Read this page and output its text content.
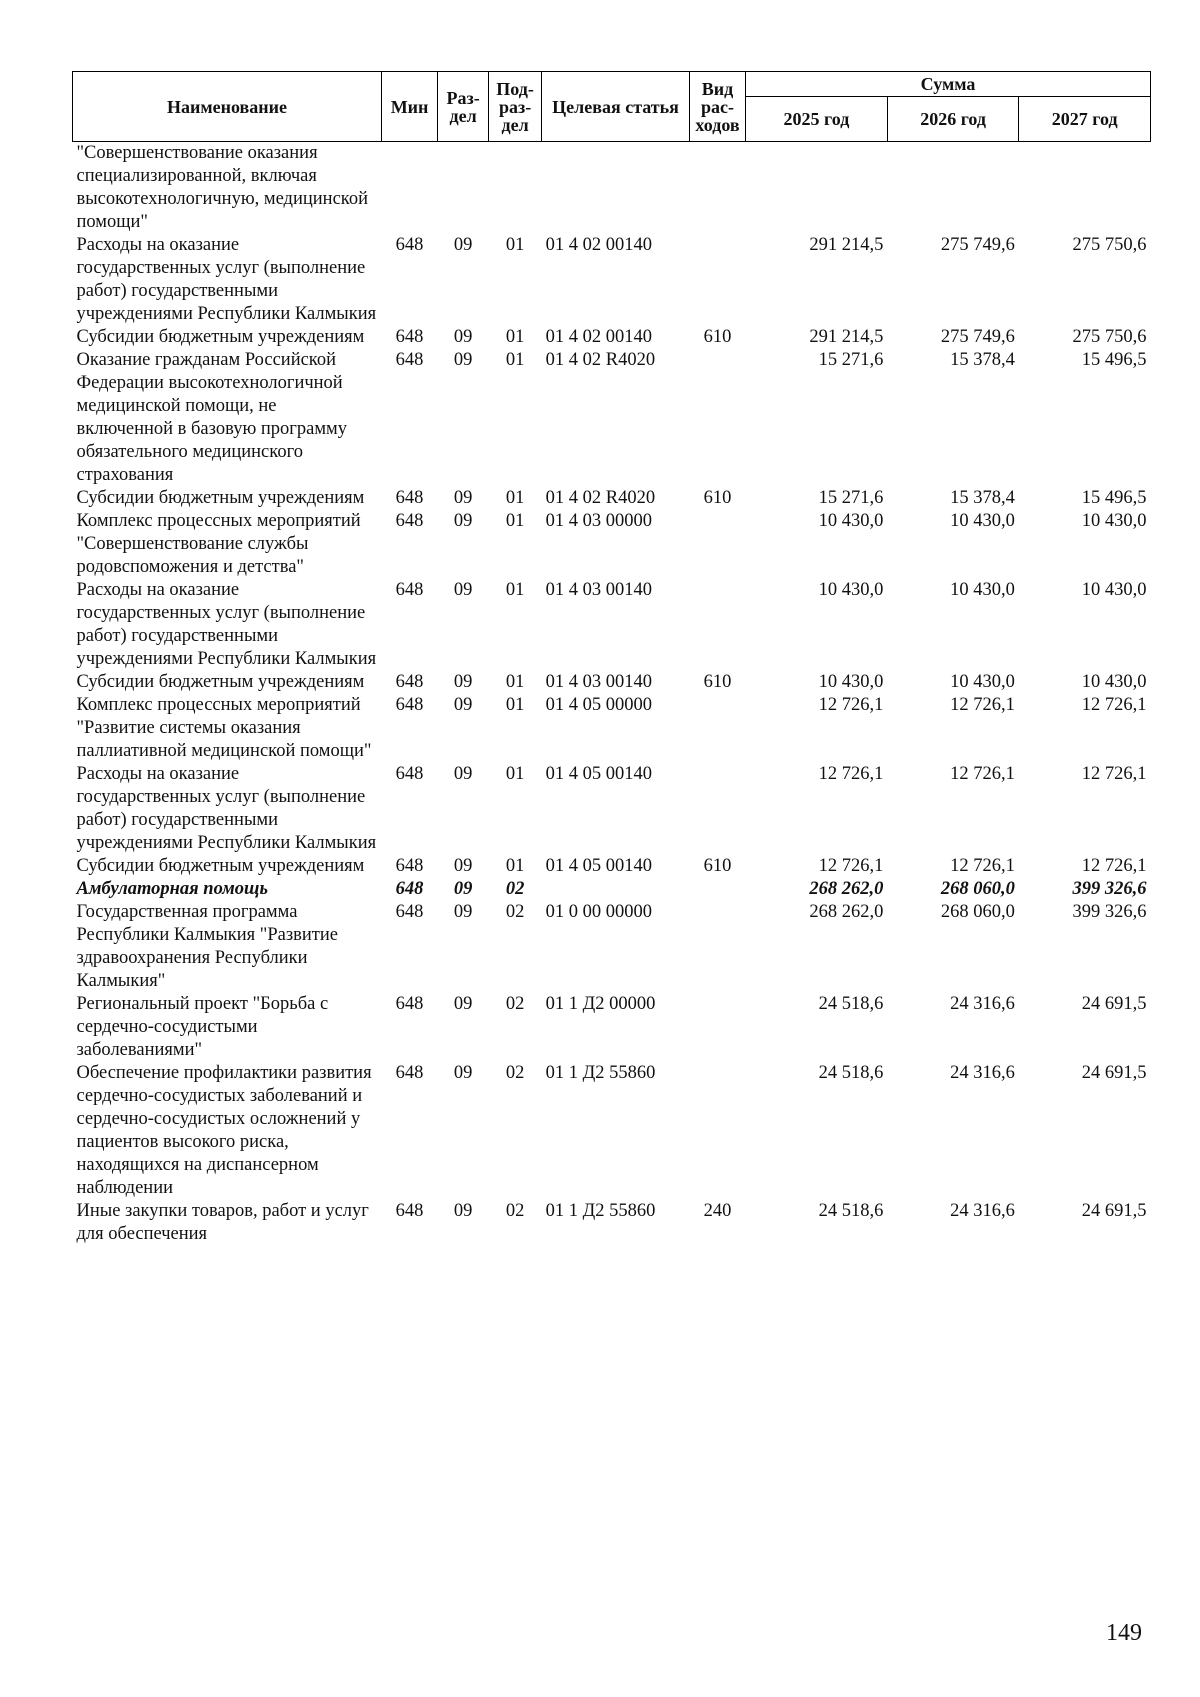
Наименование	Мин	Раз-дел	Под-раз-дел	Целевая статья	Вид рас-ходов	Сумма		
						2025 год	2026 год	2027 год
"Совершенствование оказания специализированной, включая высокотехнологичную, медицинской помощи"								
Расходы на оказание государственных услуг (выполнение работ) государственными учреждениями Республики Калмыкия	648	09	01	01 4 02 00140		291 214,5	275 749,6	275 750,6
Субсидии бюджетным учреждениям	648	09	01	01 4 02 00140	610	291 214,5	275 749,6	275 750,6
Оказание гражданам Российской Федерации высокотехнологичной медицинской помощи, не включенной в базовую программу обязательного медицинского страхования	648	09	01	01 4 02 R4020		15 271,6	15 378,4	15 496,5
Субсидии бюджетным учреждениям	648	09	01	01 4 02 R4020	610	15 271,6	15 378,4	15 496,5
Комплекс процессных мероприятий "Совершенствование службы родовспоможения и детства"	648	09	01	01 4 03 00000		10 430,0	10 430,0	10 430,0
Расходы на оказание государственных услуг (выполнение работ) государственными учреждениями Республики Калмыкия	648	09	01	01 4 03 00140		10 430,0	10 430,0	10 430,0
Субсидии бюджетным учреждениям	648	09	01	01 4 03 00140	610	10 430,0	10 430,0	10 430,0
Комплекс процессных мероприятий "Развитие системы оказания паллиативной медицинской помощи"	648	09	01	01 4 05 00000		12 726,1	12 726,1	12 726,1
Расходы на оказание государственных услуг (выполнение работ) государственными учреждениями Республики Калмыкия	648	09	01	01 4 05 00140		12 726,1	12 726,1	12 726,1
Субсидии бюджетным учреждениям	648	09	01	01 4 05 00140	610	12 726,1	12 726,1	12 726,1
Амбулаторная помощь	648	09	02			268 262,0	268 060,0	399 326,6
Государственная программа Республики Калмыкия "Развитие здравоохранения Республики Калмыкия"	648	09	02	01 0 00 00000		268 262,0	268 060,0	399 326,6
Региональный проект "Борьба с сердечно-сосудистыми заболеваниями"	648	09	02	01 1 Д2 00000		24 518,6	24 316,6	24 691,5
Обеспечение профилактики развития сердечно-сосудистых заболеваний и сердечно-сосудистых осложнений у пациентов высокого риска, находящихся на диспансерном наблюдении	648	09	02	01 1 Д2 55860		24 518,6	24 316,6	24 691,5
Иные закупки товаров, работ и услуг для обеспечения	648	09	02	01 1 Д2 55860	240	24 518,6	24 316,6	24 691,5
149
